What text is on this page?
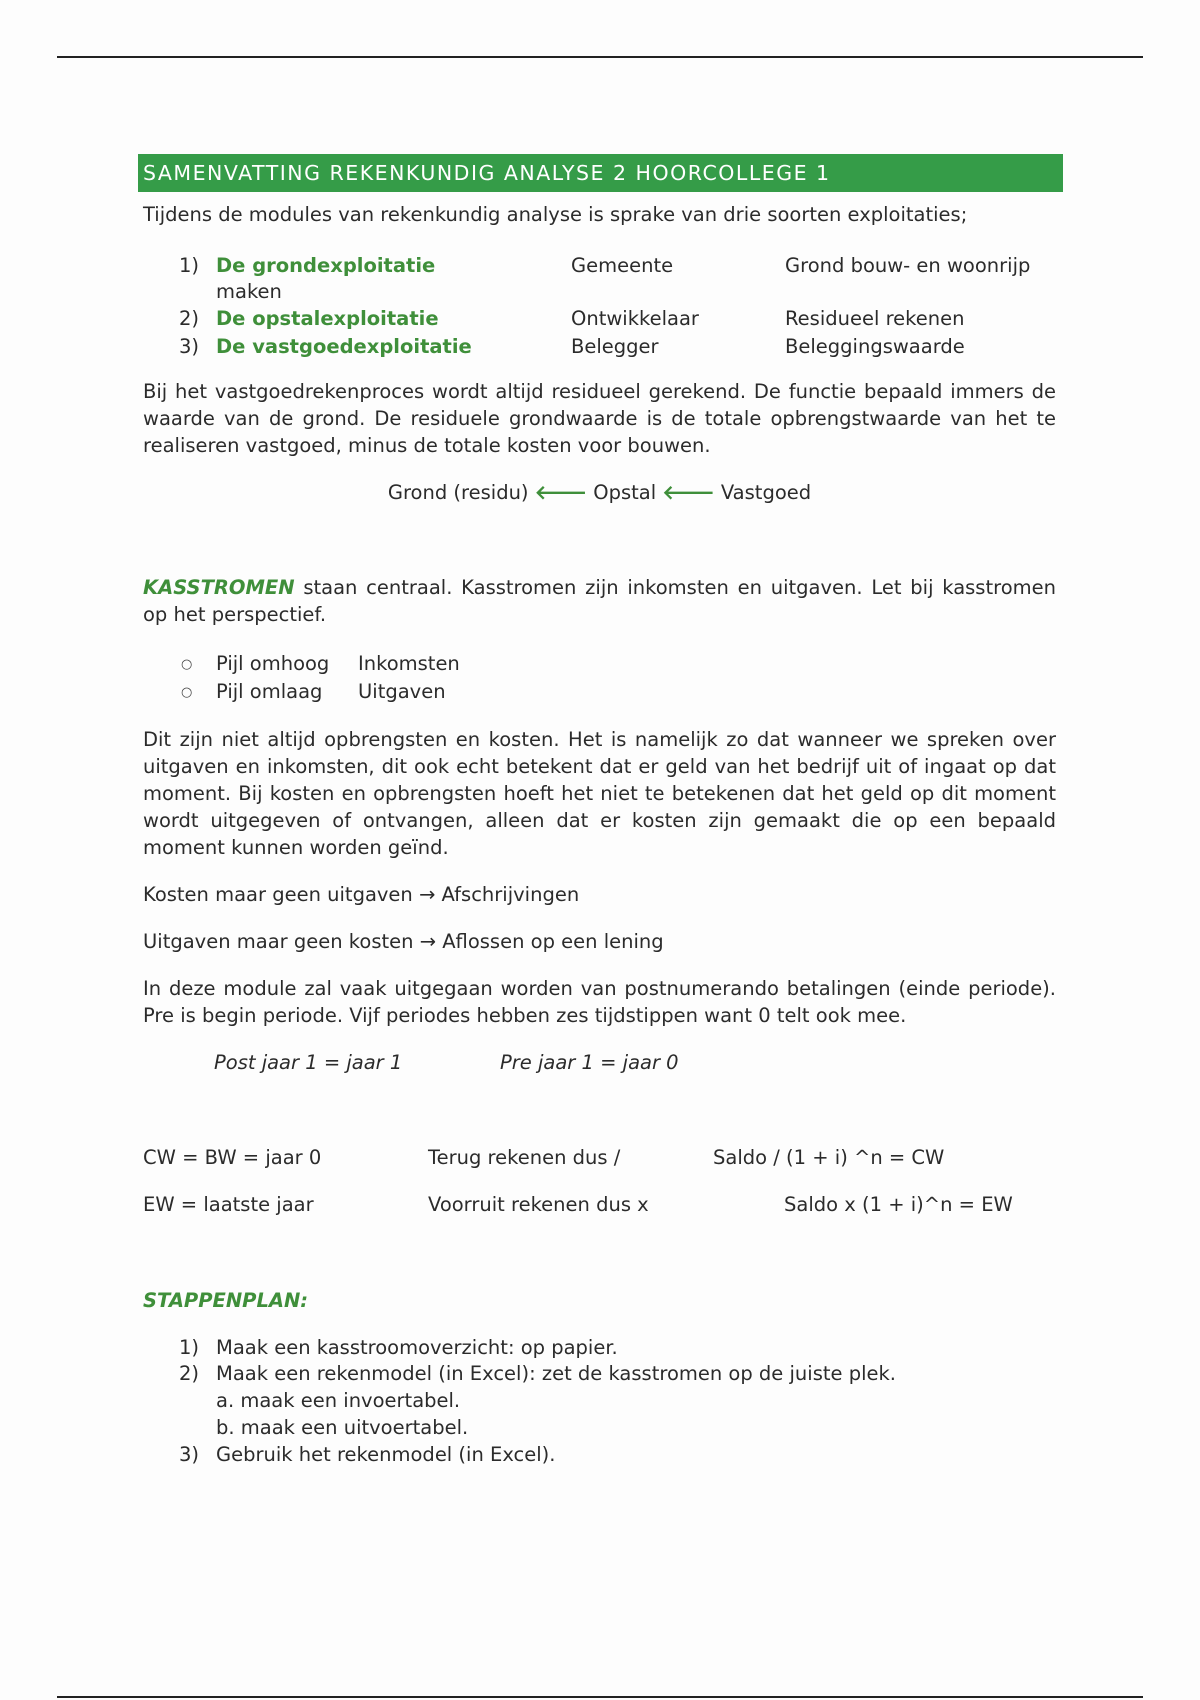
SAMENVATTING REKENKUNDIG ANALYSE 2 HOORCOLLEGE 1

Tijdens de modules van rekenkundig analyse is sprake van drie soorten exploitaties;

1) De grondexploitatie	Gemeente	Grond bouw- en woonrijp
maken
2) De opstalexploitatie	Ontwikkelaar	Residueel rekenen
3) De vastgoedexploitatie	Belegger	Beleggingswaarde

Bij het vastgoedrekenproces wordt altijd residueel gerekend. De functie bepaald immers de waarde van de grond. De residuele grondwaarde is de totale opbrengstwaarde van het te realiseren vastgoed, minus de totale kosten voor bouwen.

Grond (residu) 🡐 Opstal 🡐 Vastgoed

KASSTROMEN staan centraal. Kasstromen zijn inkomsten en uitgaven. Let bij kasstromen op het perspectief.

○ Pijl omhoog Inkomsten
○ Pijl omlaag Uitgaven

Dit zijn niet altijd opbrengsten en kosten. Het is namelijk zo dat wanneer we spreken over uitgaven en inkomsten, dit ook echt betekent dat er geld van het bedrijf uit of ingaat op dat moment. Bij kosten en opbrengsten hoeft het niet te betekenen dat het geld op dit moment wordt uitgegeven of ontvangen, alleen dat er kosten zijn gemaakt die op een bepaald moment kunnen worden geïnd.

Kosten maar geen uitgaven → Afschrijvingen

Uitgaven maar geen kosten → Aflossen op een lening

In deze module zal vaak uitgegaan worden van postnumerando betalingen (einde periode). Pre is begin periode. Vijf periodes hebben zes tijdstippen want 0 telt ook mee.

Post jaar 1 = jaar 1	Pre jaar 1 = jaar 0
CW = BW = jaar 0	Terug rekenen dus /	Saldo / (1 + i) ^n = CW
EW = laatste jaar	Voorruit rekenen dus x	Saldo x (1 + i)^n = EW

STAPPENPLAN:

1) Maak een kasstroomoverzicht: op papier.
2) Maak een rekenmodel (in Excel): zet de kasstromen op de juiste plek.
a. maak een invoertabel.
b. maak een uitvoertabel.
3) Gebruik het rekenmodel (in Excel).
